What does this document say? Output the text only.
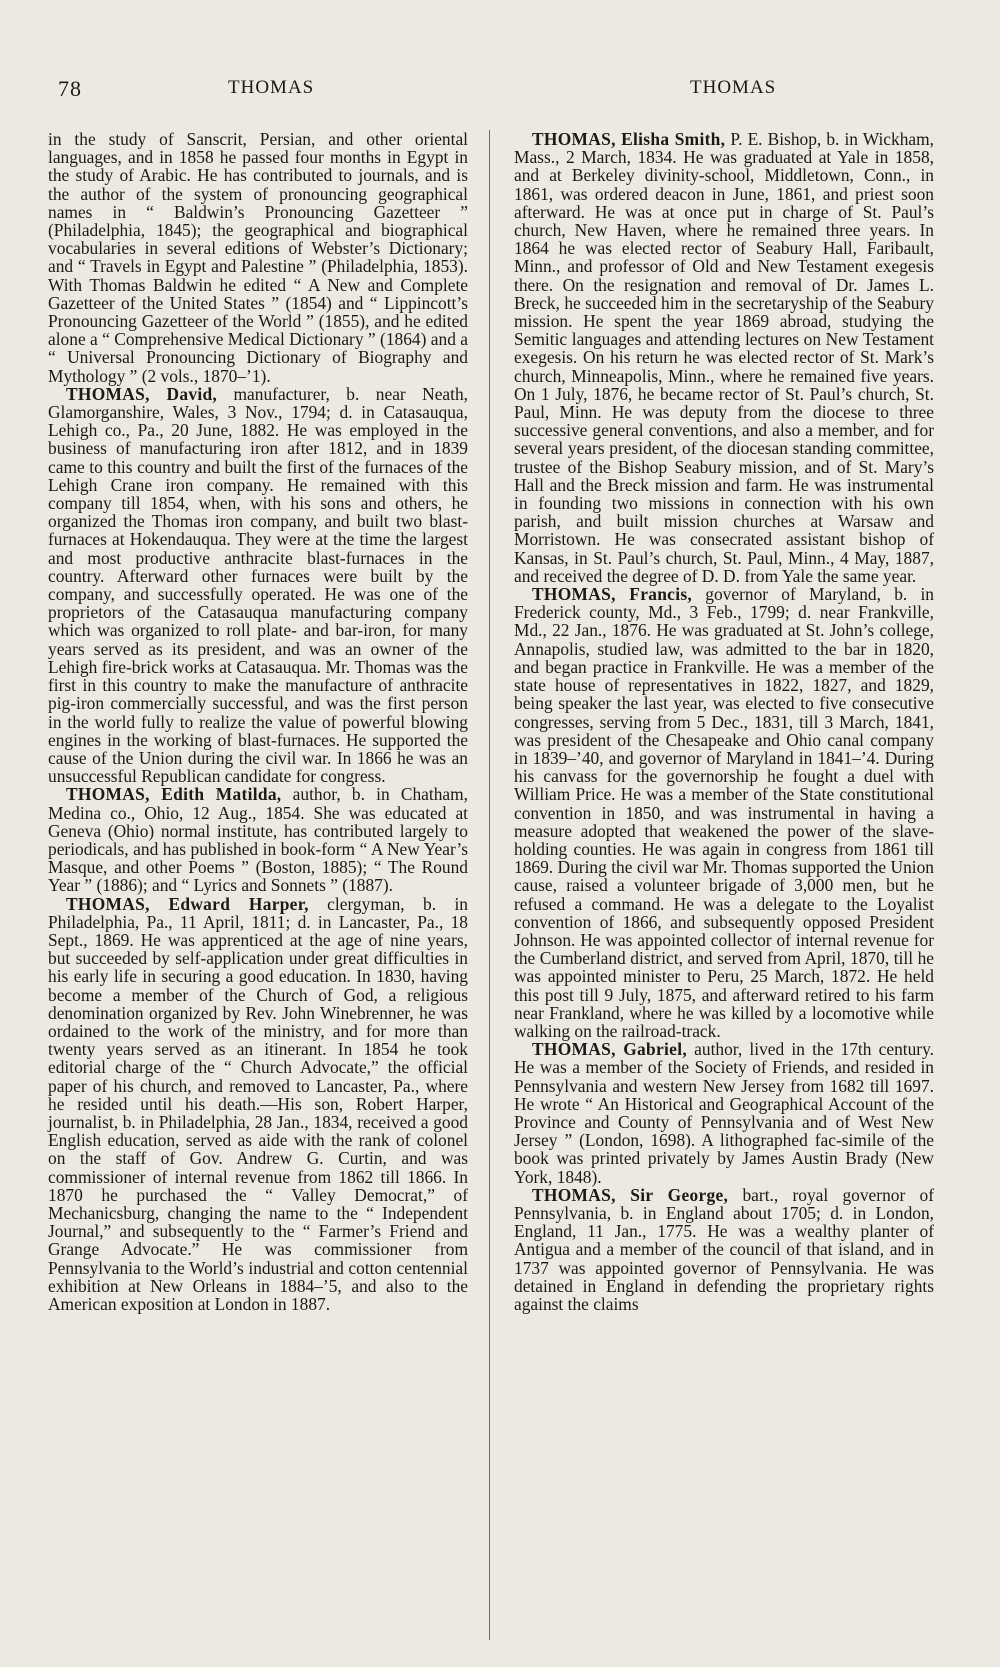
78	THOMAS	THOMAS

in the study of Sanscrit, Persian, and other oriental languages, and in 1858 he passed four months in Egypt in the study of Arabic. He has contributed to journals, and is the author of the system of pronouncing geographical names in “ Baldwin’s Pronouncing Gazetteer ” (Philadelphia, 1845); the geographical and biographical vocabularies in several editions of Webster’s Dictionary; and “ Travels in Egypt and Palestine ” (Philadelphia, 1853). With Thomas Baldwin he edited “ A New and Complete Gazetteer of the United States ” (1854) and “ Lippincott’s Pronouncing Gazetteer of the World ” (1855), and he edited alone a “ Comprehensive Medical Dictionary ” (1864) and a “ Universal Pronouncing Dictionary of Biography and Mythology ” (2 vols., 1870–’1).

THOMAS, David, manufacturer, b. near Neath, Glamorganshire, Wales, 3 Nov., 1794; d. in Catasauqua, Lehigh co., Pa., 20 June, 1882. He was employed in the business of manufacturing iron after 1812, and in 1839 came to this country and built the first of the furnaces of the Lehigh Crane iron company. He remained with this company till 1854, when, with his sons and others, he organized the Thomas iron company, and built two blast-furnaces at Hokendauqua. They were at the time the largest and most productive anthracite blast-furnaces in the country. Afterward other furnaces were built by the company, and successfully operated. He was one of the proprietors of the Catasauqua manufacturing company which was organized to roll plate- and bar-iron, for many years served as its president, and was an owner of the Lehigh fire-brick works at Catasauqua. Mr. Thomas was the first in this country to make the manufacture of anthracite pig-iron commercially successful, and was the first person in the world fully to realize the value of powerful blowing engines in the working of blast-furnaces. He supported the cause of the Union during the civil war. In 1866 he was an unsuccessful Republican candidate for congress.

THOMAS, Edith Matilda, author, b. in Chatham, Medina co., Ohio, 12 Aug., 1854. She was educated at Geneva (Ohio) normal institute, has contributed largely to periodicals, and has published in book-form “ A New Year’s Masque, and other Poems ” (Boston, 1885); “ The Round Year ” (1886); and “ Lyrics and Sonnets ” (1887).

THOMAS, Edward Harper, clergyman, b. in Philadelphia, Pa., 11 April, 1811; d. in Lancaster, Pa., 18 Sept., 1869. He was apprenticed at the age of nine years, but succeeded by self-application under great difficulties in his early life in securing a good education. In 1830, having become a member of the Church of God, a religious denomination organized by Rev. John Winebrenner, he was ordained to the work of the ministry, and for more than twenty years served as an itinerant. In 1854 he took editorial charge of the “ Church Advocate,” the official paper of his church, and removed to Lancaster, Pa., where he resided until his death.—His son, Robert Harper, journalist, b. in Philadelphia, 28 Jan., 1834, received a good English education, served as aide with the rank of colonel on the staff of Gov. Andrew G. Curtin, and was commissioner of internal revenue from 1862 till 1866. In 1870 he purchased the “ Valley Democrat,” of Mechanicsburg, changing the name to the “ Independent Journal,” and subsequently to the “ Farmer’s Friend and Grange Advocate.” He was commissioner from Pennsylvania to the World’s industrial and cotton centennial exhibition at New Orleans in 1884–’5, and also to the American exposition at London in 1887.

THOMAS, Elisha Smith, P. E. Bishop, b. in Wickham, Mass., 2 March, 1834. He was graduated at Yale in 1858, and at Berkeley divinity-school, Middletown, Conn., in 1861, was ordered deacon in June, 1861, and priest soon afterward. He was at once put in charge of St. Paul’s church, New Haven, where he remained three years. In 1864 he was elected rector of Seabury Hall, Faribault, Minn., and professor of Old and New Testament exegesis there. On the resignation and removal of Dr. James L. Breck, he succeeded him in the secretaryship of the Seabury mission. He spent the year 1869 abroad, studying the Semitic languages and attending lectures on New Testament exegesis. On his return he was elected rector of St. Mark’s church, Minneapolis, Minn., where he remained five years. On 1 July, 1876, he became rector of St. Paul’s church, St. Paul, Minn. He was deputy from the diocese to three successive general conventions, and also a member, and for several years president, of the diocesan standing committee, trustee of the Bishop Seabury mission, and of St. Mary’s Hall and the Breck mission and farm. He was instrumental in founding two missions in connection with his own parish, and built mission churches at Warsaw and Morristown. He was consecrated assistant bishop of Kansas, in St. Paul’s church, St. Paul, Minn., 4 May, 1887, and received the degree of D. D. from Yale the same year.

THOMAS, Francis, governor of Maryland, b. in Frederick county, Md., 3 Feb., 1799; d. near Frankville, Md., 22 Jan., 1876. He was graduated at St. John’s college, Annapolis, studied law, was admitted to the bar in 1820, and began practice in Frankville. He was a member of the state house of representatives in 1822, 1827, and 1829, being speaker the last year, was elected to five consecutive congresses, serving from 5 Dec., 1831, till 3 March, 1841, was president of the Chesapeake and Ohio canal company in 1839–’40, and governor of Maryland in 1841–’4. During his canvass for the governorship he fought a duel with William Price. He was a member of the State constitutional convention in 1850, and was instrumental in having a measure adopted that weakened the power of the slave-holding counties. He was again in congress from 1861 till 1869. During the civil war Mr. Thomas supported the Union cause, raised a volunteer brigade of 3,000 men, but he refused a command. He was a delegate to the Loyalist convention of 1866, and subsequently opposed President Johnson. He was appointed collector of internal revenue for the Cumberland district, and served from April, 1870, till he was appointed minister to Peru, 25 March, 1872. He held this post till 9 July, 1875, and afterward retired to his farm near Frankland, where he was killed by a locomotive while walking on the railroad-track.

THOMAS, Gabriel, author, lived in the 17th century. He was a member of the Society of Friends, and resided in Pennsylvania and western New Jersey from 1682 till 1697. He wrote “ An Historical and Geographical Account of the Province and County of Pennsylvania and of West New Jersey ” (London, 1698). A lithographed fac-simile of the book was printed privately by James Austin Brady (New York, 1848).

THOMAS, Sir George, bart., royal governor of Pennsylvania, b. in England about 1705; d. in London, England, 11 Jan., 1775. He was a wealthy planter of Antigua and a member of the council of that island, and in 1737 was appointed governor of Pennsylvania. He was detained in England in defending the proprietary rights against the claims
